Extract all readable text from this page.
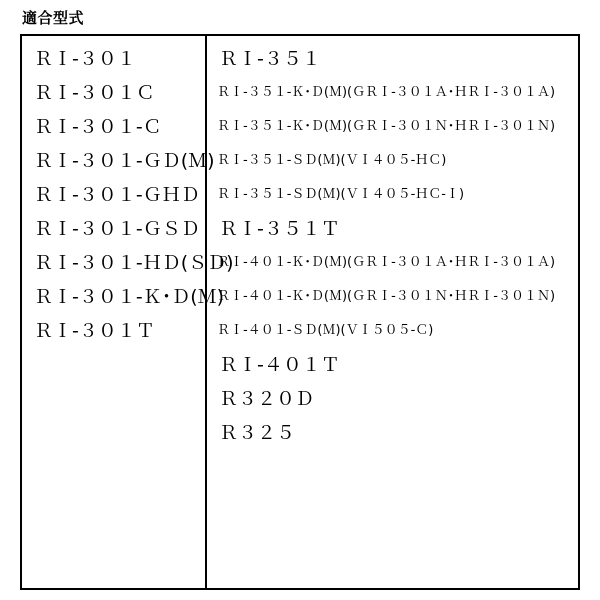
適合型式
ＲＩ-３０１
ＲＩ-３０１Ｃ
ＲＩ-３０１-Ｃ
ＲＩ-３０１-ＧＤ(Ｍ)
ＲＩ-３０１-ＧＨＤ
ＲＩ-３０１-ＧＳＤ
ＲＩ-３０１-ＨＤ(ＳＤ)
ＲＩ-３０１-Ｋ･Ｄ(Ｍ)
ＲＩ-３０１Ｔ
ＲＩ-３５１
ＲＩ-３５１-Ｋ･Ｄ(Ｍ)(ＧＲＩ-３０１Ａ･ＨＲＩ-３０１Ａ)
ＲＩ-３５１-Ｋ･Ｄ(Ｍ)(ＧＲＩ-３０１Ｎ･ＨＲＩ-３０１Ｎ)
ＲＩ-３５１-ＳＤ(Ｍ)(ＶＩ４０５-ＨＣ)
ＲＩ-３５１-ＳＤ(Ｍ)(ＶＩ４０５-ＨＣ-Ｉ)
ＲＩ-３５１Ｔ
ＲＩ-４０１-Ｋ･Ｄ(Ｍ)(ＧＲＩ-３０１Ａ･ＨＲＩ-３０１Ａ)
ＲＩ-４０１-Ｋ･Ｄ(Ｍ)(ＧＲＩ-３０１Ｎ･ＨＲＩ-３０１Ｎ)
ＲＩ-４０１-ＳＤ(Ｍ)(ＶＩ５０５-Ｃ)
ＲＩ-４０１Ｔ
Ｒ３２０Ｄ
Ｒ３２５
